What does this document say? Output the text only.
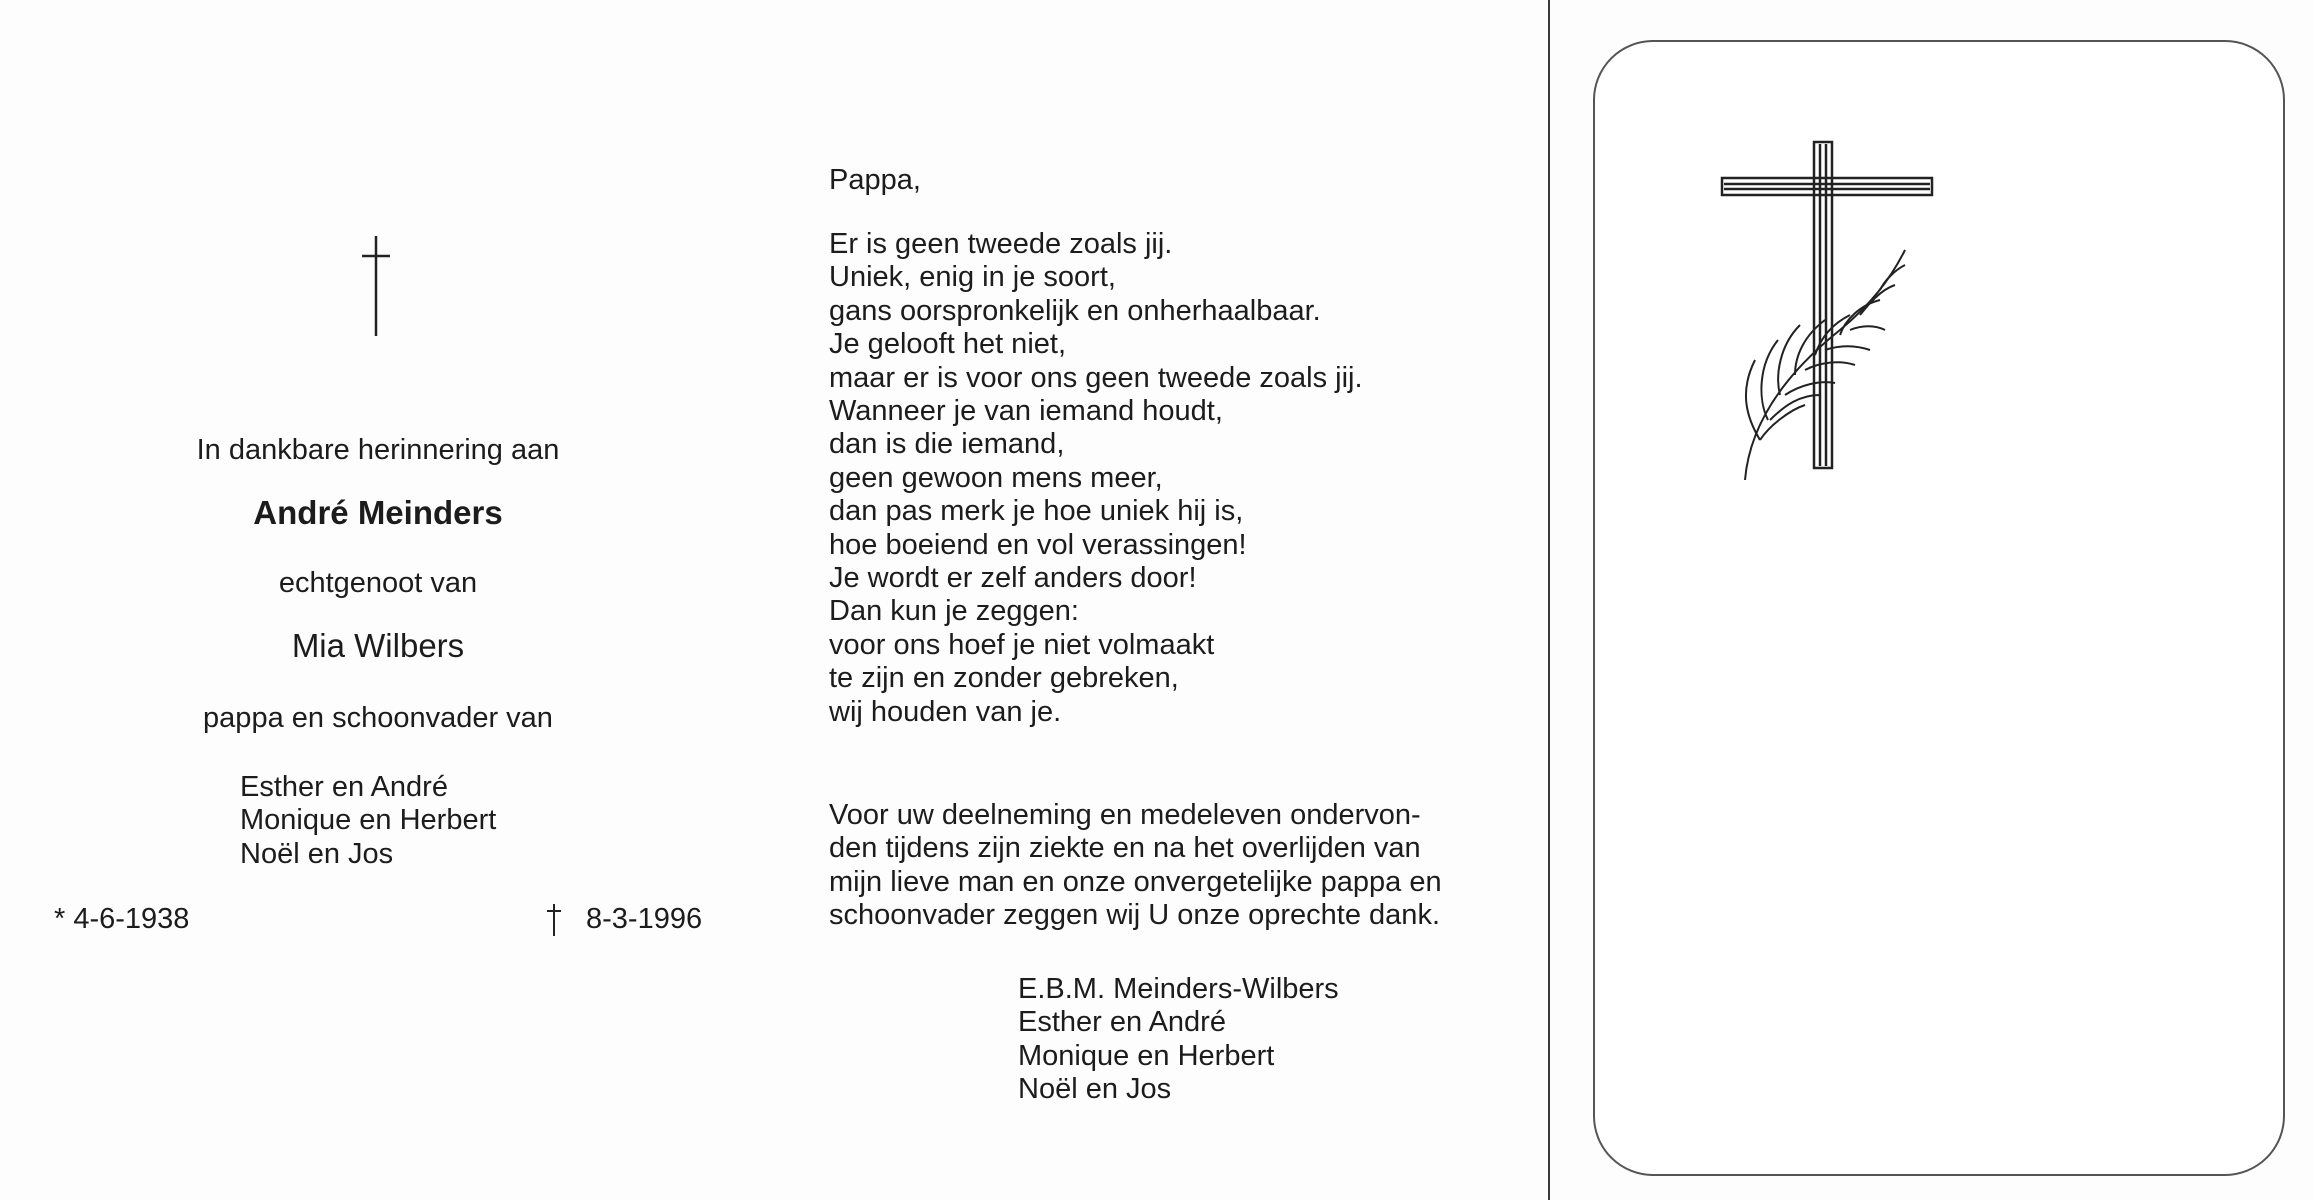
In dankbare herinnering aan
André Meinders
echtgenoot van
Mia Wilbers
pappa en schoonvader van
Esther en André
Monique en Herbert
Noël en Jos
* 4-6-1938	8-3-1996
Pappa,
Er is geen tweede zoals jij.
Uniek, enig in je soort,
gans oorspronkelijk en onherhaalbaar.
Je gelooft het niet,
maar er is voor ons geen tweede zoals jij.
Wanneer je van iemand houdt,
dan is die iemand,
geen gewoon mens meer,
dan pas merk je hoe uniek hij is,
hoe boeiend en vol verassingen!
Je wordt er zelf anders door!
Dan kun je zeggen:
voor ons hoef je niet volmaakt
te zijn en zonder gebreken,
wij houden van je.
Voor uw deelneming en medeleven ondervon-
den tijdens zijn ziekte en na het overlijden van
mijn lieve man en onze onvergetelijke pappa en
schoonvader zeggen wij U onze oprechte dank.
E.B.M. Meinders-Wilbers
Esther en André
Monique en Herbert
Noël en Jos
